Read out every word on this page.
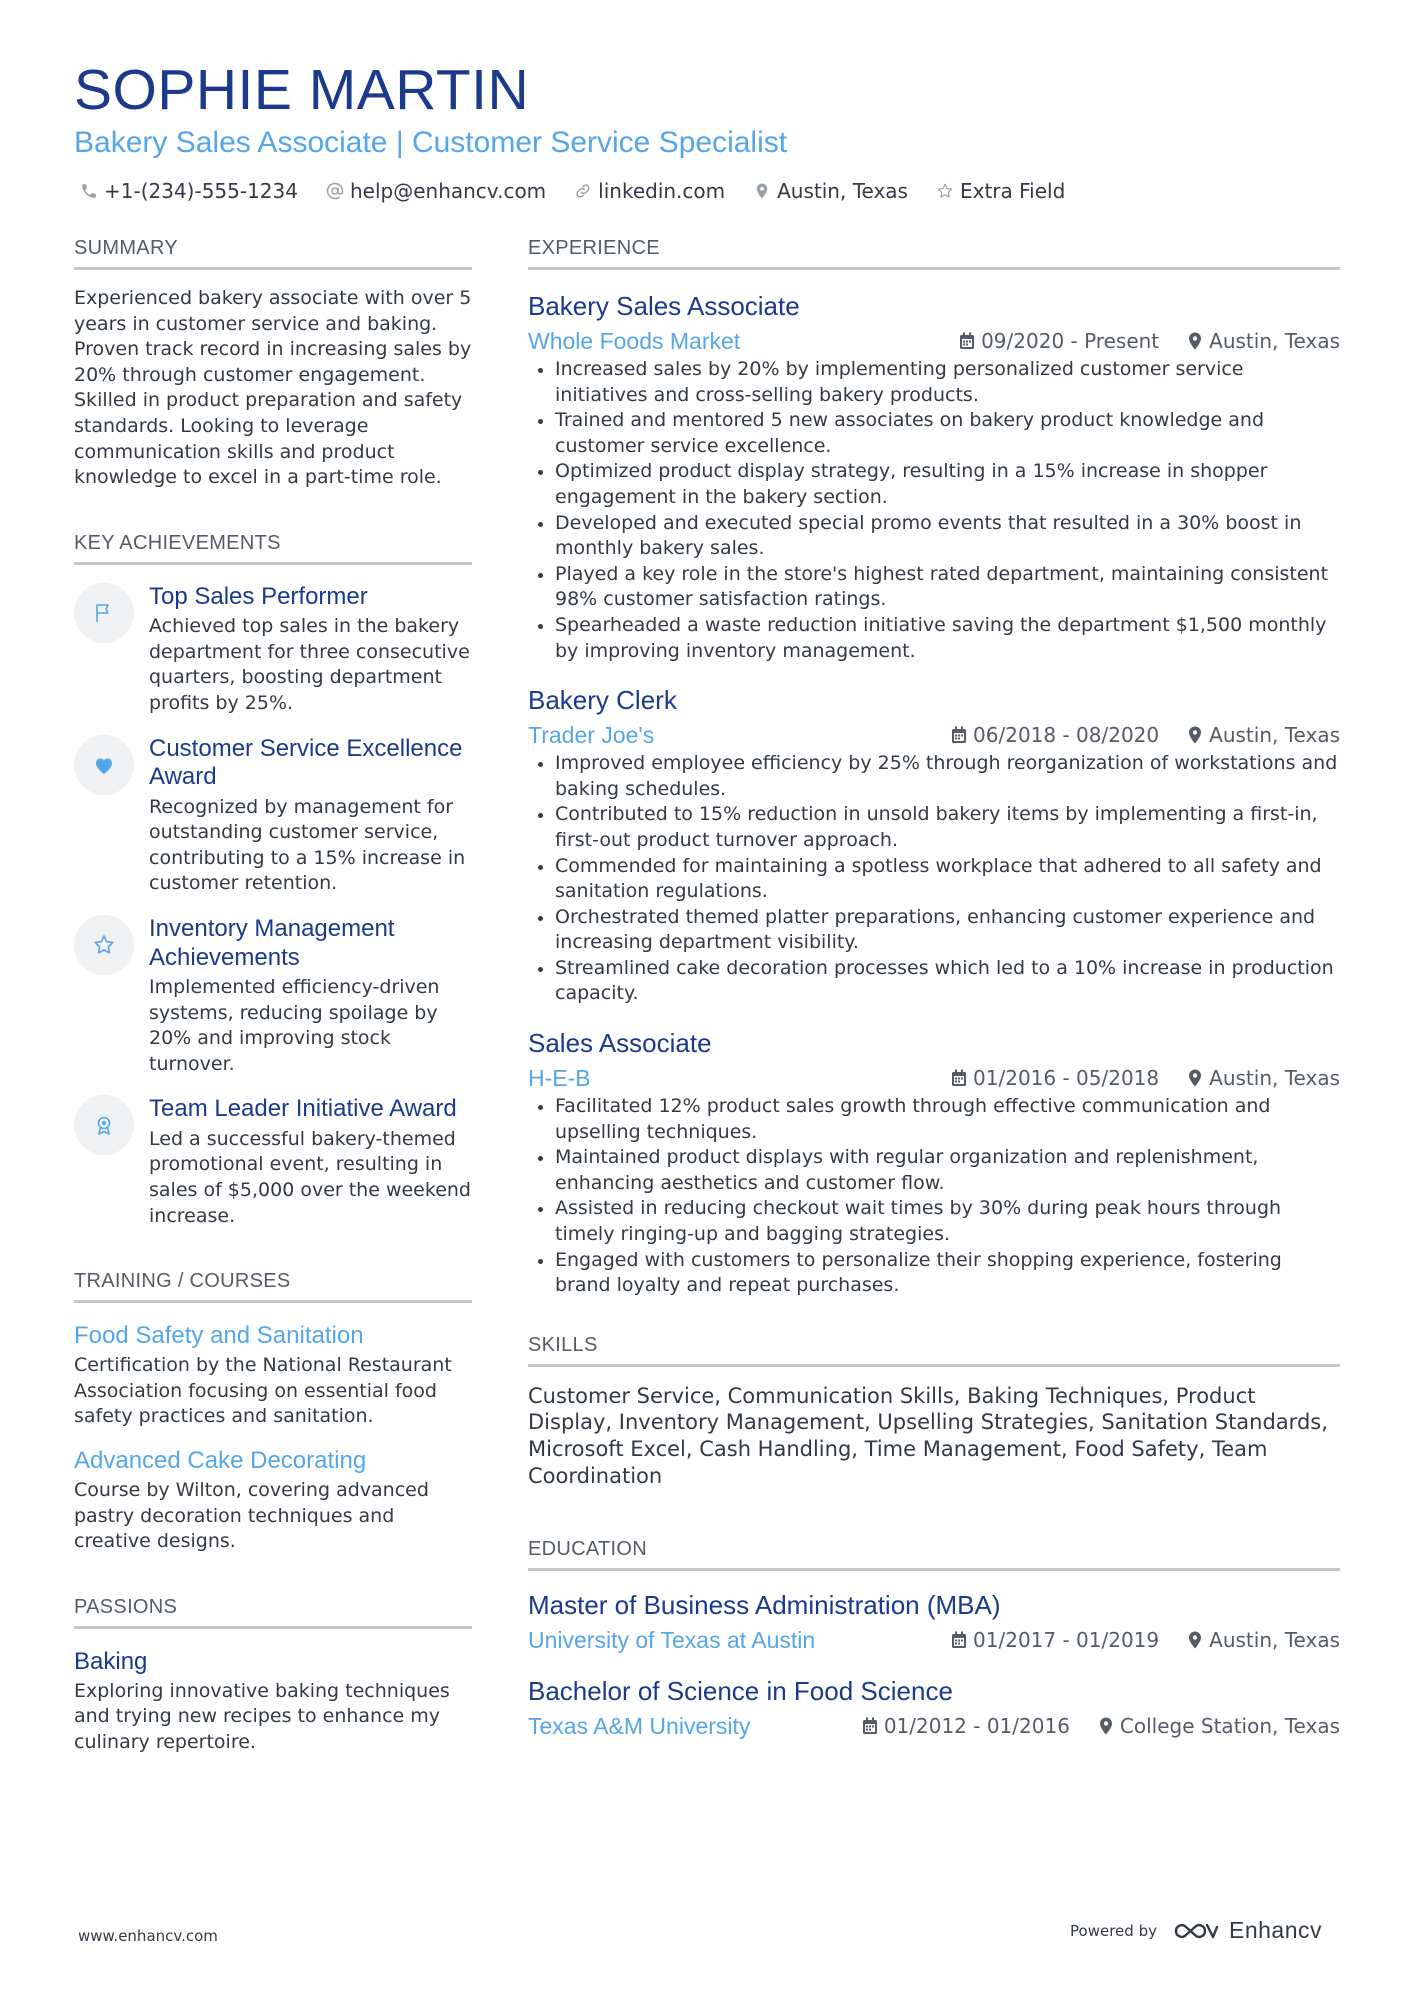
SOPHIE MARTIN
Bakery Sales Associate | Customer Service Specialist
+1-(234)-555-1234	help@enhancv.com	linkedin.com	Austin, Texas	Extra Field
SUMMARY
Experienced bakery associate with over 5 years in customer service and baking. Proven track record in increasing sales by 20% through customer engagement. Skilled in product preparation and safety standards. Looking to leverage communication skills and product knowledge to excel in a part-time role.
KEY ACHIEVEMENTS
Top Sales Performer
Achieved top sales in the bakery department for three consecutive quarters, boosting department profits by 25%.
Customer Service Excellence Award
Recognized by management for outstanding customer service, contributing to a 15% increase in customer retention.
Inventory Management Achievements
Implemented efficiency-driven systems, reducing spoilage by 20% and improving stock turnover.
Team Leader Initiative Award
Led a successful bakery-themed promotional event, resulting in sales of $5,000 over the weekend increase.
TRAINING / COURSES
Food Safety and Sanitation
Certification by the National Restaurant Association focusing on essential food safety practices and sanitation.
Advanced Cake Decorating
Course by Wilton, covering advanced pastry decoration techniques and creative designs.
PASSIONS
Baking
Exploring innovative baking techniques and trying new recipes to enhance my culinary repertoire.
EXPERIENCE
Bakery Sales Associate
Whole Foods Market	09/2020 - Present	Austin, Texas
Increased sales by 20% by implementing personalized customer service initiatives and cross-selling bakery products.
Trained and mentored 5 new associates on bakery product knowledge and customer service excellence.
Optimized product display strategy, resulting in a 15% increase in shopper engagement in the bakery section.
Developed and executed special promo events that resulted in a 30% boost in monthly bakery sales.
Played a key role in the store's highest rated department, maintaining consistent 98% customer satisfaction ratings.
Spearheaded a waste reduction initiative saving the department $1,500 monthly by improving inventory management.
Bakery Clerk
Trader Joe's	06/2018 - 08/2020	Austin, Texas
Improved employee efficiency by 25% through reorganization of workstations and baking schedules.
Contributed to 15% reduction in unsold bakery items by implementing a first-in, first-out product turnover approach.
Commended for maintaining a spotless workplace that adhered to all safety and sanitation regulations.
Orchestrated themed platter preparations, enhancing customer experience and increasing department visibility.
Streamlined cake decoration processes which led to a 10% increase in production capacity.
Sales Associate
H-E-B	01/2016 - 05/2018	Austin, Texas
Facilitated 12% product sales growth through effective communication and upselling techniques.
Maintained product displays with regular organization and replenishment, enhancing aesthetics and customer flow.
Assisted in reducing checkout wait times by 30% during peak hours through timely ringing-up and bagging strategies.
Engaged with customers to personalize their shopping experience, fostering brand loyalty and repeat purchases.
SKILLS
Customer Service, Communication Skills, Baking Techniques, Product Display, Inventory Management, Upselling Strategies, Sanitation Standards, Microsoft Excel, Cash Handling, Time Management, Food Safety, Team Coordination
EDUCATION
Master of Business Administration (MBA)
University of Texas at Austin	01/2017 - 01/2019	Austin, Texas
Bachelor of Science in Food Science
Texas A&M University	01/2012 - 01/2016	College Station, Texas
www.enhancv.com	Powered by	Enhancv
